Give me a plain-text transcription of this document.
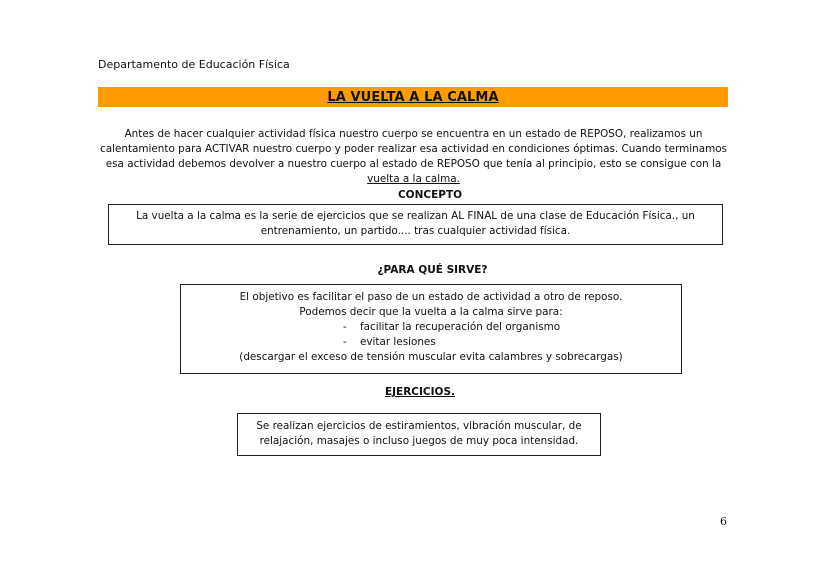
Departamento de Educación Física
LA VUELTA A LA CALMA
Antes de hacer cualquier actividad física nuestro cuerpo se encuentra en un estado de REPOSO, realizamos un calentamiento para ACTIVAR nuestro cuerpo y poder realizar esa actividad en condiciones óptimas. Cuando terminamos esa actividad debemos devolver a nuestro cuerpo al estado de REPOSO que tenía al principio, esto se consigue con la vuelta a la calma.
CONCEPTO
La vuelta a la calma es la serie de ejercicios que se realizan AL FINAL de una clase de Educación Física., un
entrenamiento, un partido.... tras cualquier actividad física.
¿PARA QUÉ SIRVE?
El objetivo es facilitar el paso de un estado de actividad a otro de reposo.
Podemos decir que la vuelta a la calma sirve para:
-    facilitar la recuperación del organismo
-    evitar lesiones
(descargar el exceso de tensión muscular evita calambres y sobrecargas)
EJERCICIOS.
Se realizan ejercicios de estiramientos, vibración muscular, de
relajación, masajes o incluso juegos de muy poca intensidad.
6
